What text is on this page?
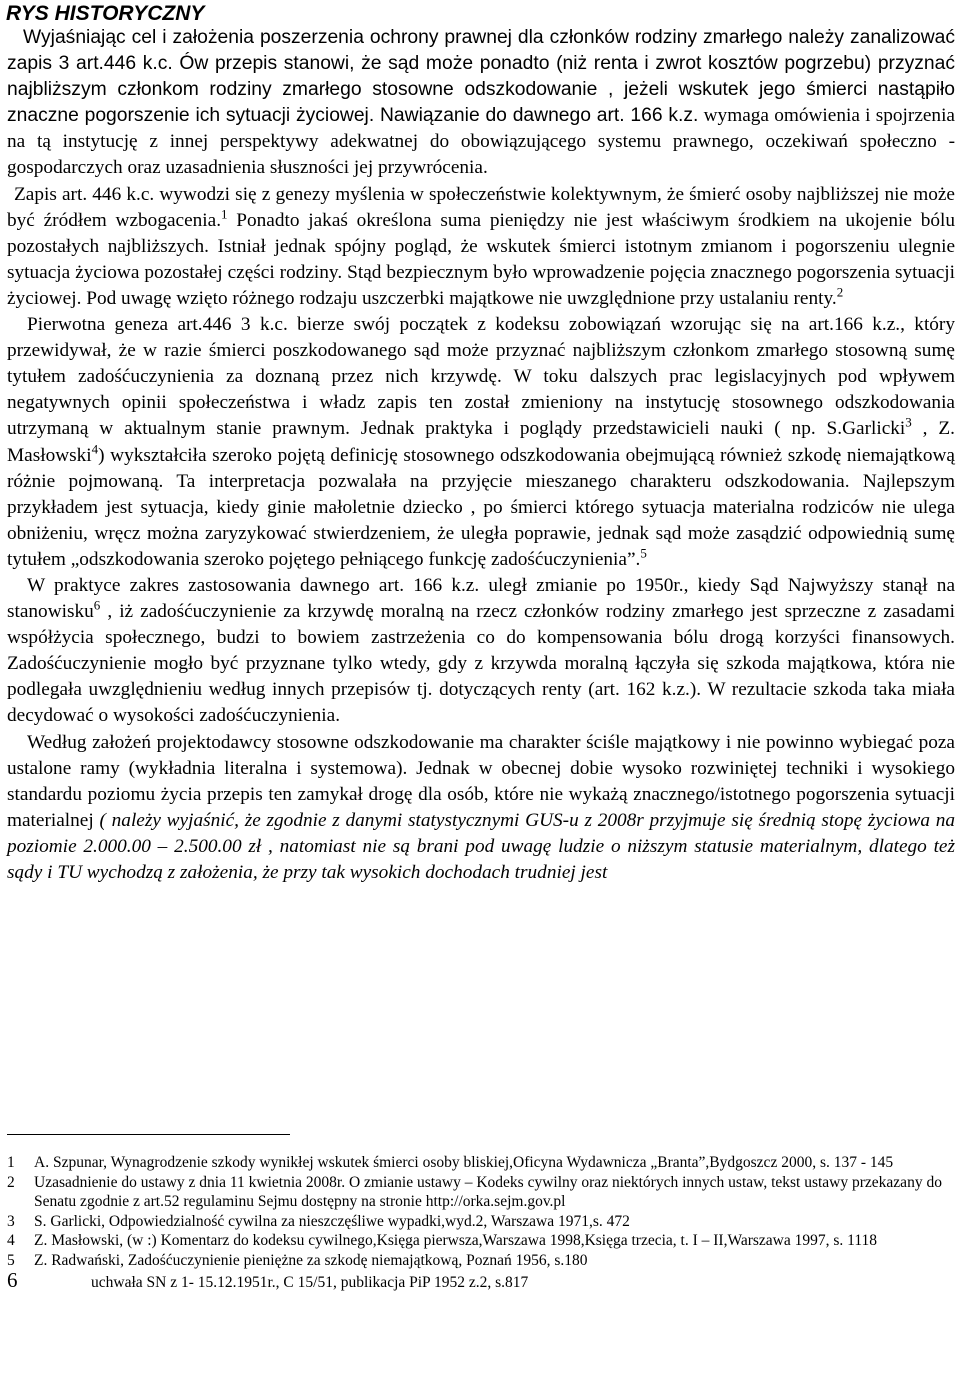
RYS HISTORYCZNY

Wyjaśniając cel i założenia poszerzenia ochrony prawnej dla członków rodziny zmarłego należy zanalizować zapis 3 art.446 k.c. Ów przepis stanowi, że sąd może ponadto (niż renta i zwrot kosztów pogrzebu) przyznać najbliższym członkom rodziny zmarłego stosowne odszkodowanie , jeżeli wskutek jego śmierci nastąpiło znaczne pogorszenie ich sytuacji życiowej. Nawiązanie do dawnego art. 166 k.z. wymaga omówienia i spojrzenia na tą instytucję z innej perspektywy adekwatnej do obowiązującego systemu prawnego, oczekiwań społeczno - gospodarczych oraz uzasadnienia słuszności jej przywrócenia.

Zapis art. 446 k.c. wywodzi się z genezy myślenia w społeczeństwie kolektywnym, że śmierć osoby najbliższej nie może być źródłem wzbogacenia.$^1$ Ponadto jakaś określona suma pieniędzy nie jest właściwym środkiem na ukojenie bólu pozostałych najbliższych. Istniał jednak spójny pogląd, że wskutek śmierci istotnym zmianom i pogorszeniu ulegnie sytuacja życiowa pozostałej części rodziny. Stąd bezpiecznym było wprowadzenie pojęcia znacznego pogorszenia sytuacji życiowej. Pod uwagę wzięto różnego rodzaju uszczerbki majątkowe nie uwzględnione przy ustalaniu renty.$^2$

Pierwotna geneza art.446 3 k.c. bierze swój początek z kodeksu zobowiązań wzorując się na art.166 k.z., który przewidywał, że w razie śmierci poszkodowanego sąd może przyznać najbliższym członkom zmarłego stosowną sumę tytułem zadośćuczynienia za doznaną przez nich krzywdę. W toku dalszych prac legislacyjnych pod wpływem negatywnych opinii społeczeństwa i władz zapis ten został zmieniony na instytucję stosownego odszkodowania utrzymaną w aktualnym stanie prawnym. Jednak praktyka i poglądy przedstawicieli nauki ( np. S.Garlicki$^3$ , Z. Masłowski$^4$) wykształciła szeroko pojętą definicję stosownego odszkodowania obejmującą również szkodę niemajątkową różnie pojmowaną. Ta interpretacja pozwalała na przyjęcie mieszanego charakteru odszkodowania. Najlepszym przykładem jest sytuacja, kiedy ginie małoletnie dziecko , po śmierci którego sytuacja materialna rodziców nie ulega obniżeniu, wręcz można zaryzykować stwierdzeniem, że uległa poprawie, jednak sąd może zasądzić odpowiednią sumę tytułem „odszkodowania szeroko pojętego pełniącego funkcję zadośćuczynienia”.$^5$

W praktyce zakres zastosowania dawnego art. 166 k.z. uległ zmianie po 1950r., kiedy Sąd Najwyższy stanął na stanowisku$^6$ , iż zadośćuczynienie za krzywdę moralną na rzecz członków rodziny zmarłego jest sprzeczne z zasadami współżycia społecznego, budzi to bowiem zastrzeżenia co do kompensowania bólu drogą korzyści finansowych. Zadośćuczynienie mogło być przyznane tylko wtedy, gdy z krzywda moralną łączyła się szkoda majątkowa, która nie podlegała uwzględnieniu według innych przepisów tj. dotyczących renty (art. 162 k.z.). W rezultacie szkoda taka miała decydować o wysokości zadośćuczynienia.

Według założeń projektodawcy stosowne odszkodowanie ma charakter ściśle majątkowy i nie powinno wybiegać poza ustalone ramy (wykładnia literalna i systemowa). Jednak w obecnej dobie wysoko rozwiniętej techniki i wysokiego standardu poziomu życia przepis ten zamykał drogę dla osób, które nie wykażą znacznego/istotnego pogorszenia sytuacji materialnej ( należy wyjaśnić, że zgodnie z danymi statystycznymi GUS-u z 2008r przyjmuje się średnią stopę życiowa na poziomie 2.000.00 – 2.500.00 zł , natomiast nie są brani pod uwagę ludzie o niższym statusie materialnym, dlatego też sądy i TU wychodzą z założenia, że przy tak wysokich dochodach trudniej jest

1	A. Szpunar, Wynagrodzenie szkody wynikłej wskutek śmierci osoby bliskiej,Oficyna Wydawnicza „Branta”,Bydgoszcz 2000, s. 137 - 145
2	Uzasadnienie do ustawy z dnia 11 kwietnia 2008r. O zmianie ustawy – Kodeks cywilny oraz niektórych innych ustaw, tekst ustawy przekazany do Senatu zgodnie z art.52 regulaminu Sejmu dostępny na stronie http://orka.sejm.gov.pl
3	S. Garlicki, Odpowiedzialność cywilna za nieszczęśliwe wypadki,wyd.2, Warszawa 1971,s. 472
4	Z. Masłowski, (w :) Komentarz do kodeksu cywilnego,Księga pierwsza,Warszawa 1998,Księga trzecia, t. I – II,Warszawa 1997, s. 1118
5	Z. Radwański, Zadośćuczynienie pieniężne za szkodę niemajątkową, Poznań 1956, s.180
6	uchwała SN z 1- 15.12.1951r., C 15/51, publikacja PiP 1952 z.2, s.817
